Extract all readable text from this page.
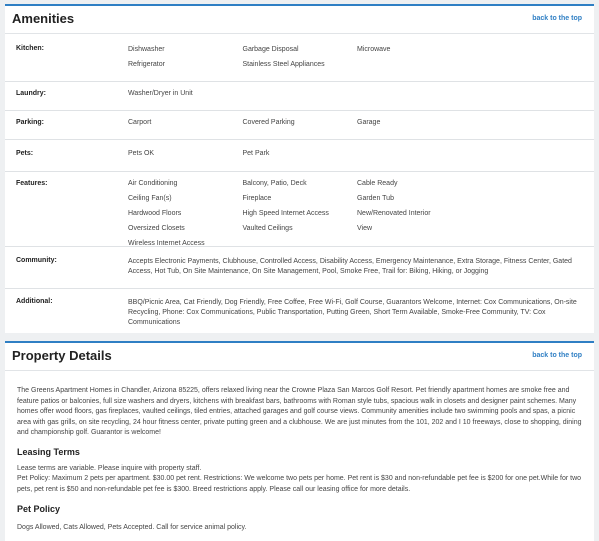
Amenities	back to the top
Kitchen:	Dishwasher	Garbage Disposal	Microwave
Refrigerator	Stainless Steel Appliances
Laundry:	Washer/Dryer in Unit
Parking:	Carport	Covered Parking	Garage
Pets:	Pets OK	Pet Park
Features:	Air Conditioning	Balcony, Patio, Deck	Cable Ready
Ceiling Fan(s)	Fireplace	Garden Tub
Hardwood Floors	High Speed Internet Access	New/Renovated Interior
Oversized Closets	Vaulted Ceilings	View
Wireless Internet Access
Community:	Accepts Electronic Payments, Clubhouse, Controlled Access, Disability Access, Emergency Maintenance, Extra Storage, Fitness Center, Gated Access, Hot Tub, On Site Maintenance, On Site Management, Pool, Smoke Free, Trail for: Biking, Hiking, or Jogging
Additional:	BBQ/Picnic Area, Cat Friendly, Dog Friendly, Free Coffee, Free Wi-Fi, Golf Course, Guarantors Welcome, Internet: Cox Communications, On-site Recycling, Phone: Cox Communications, Public Transportation, Putting Green, Short Term Available, Smoke-Free Community, TV: Cox Communications
Property Details	back to the top
The Greens Apartment Homes in Chandler, Arizona 85225, offers relaxed living near the Crowne Plaza San Marcos Golf Resort. Pet friendly apartment homes are smoke free and feature patios or balconies, full size washers and dryers, kitchens with breakfast bars, bathrooms with Roman style tubs, spacious walk in closets and designer paint schemes. Many homes offer wood floors, gas fireplaces, vaulted ceilings, tiled entries, attached garages and golf course views. Community amenities include two swimming pools and spas, a picnic area with gas grills, on site recycling, 24 hour fitness center, private putting green and a clubhouse. We are just minutes from the 101, 202 and I 10 freeways, close to shopping, dining and championship golf. Guarantor is welcome!
Leasing Terms
Lease terms are variable. Please inquire with property staff.
Pet Policy: Maximum 2 pets per apartment. $30.00 pet rent. Restrictions: We welcome two pets per home. Pet rent is $30 and non-refundable pet fee is $200 for one pet.While for two pets, pet rent is $50 and non-refundable pet fee is $300. Breed restrictions apply. Please call our leasing office for more details.
Pet Policy
Dogs Allowed, Cats Allowed, Pets Accepted. Call for service animal policy.
